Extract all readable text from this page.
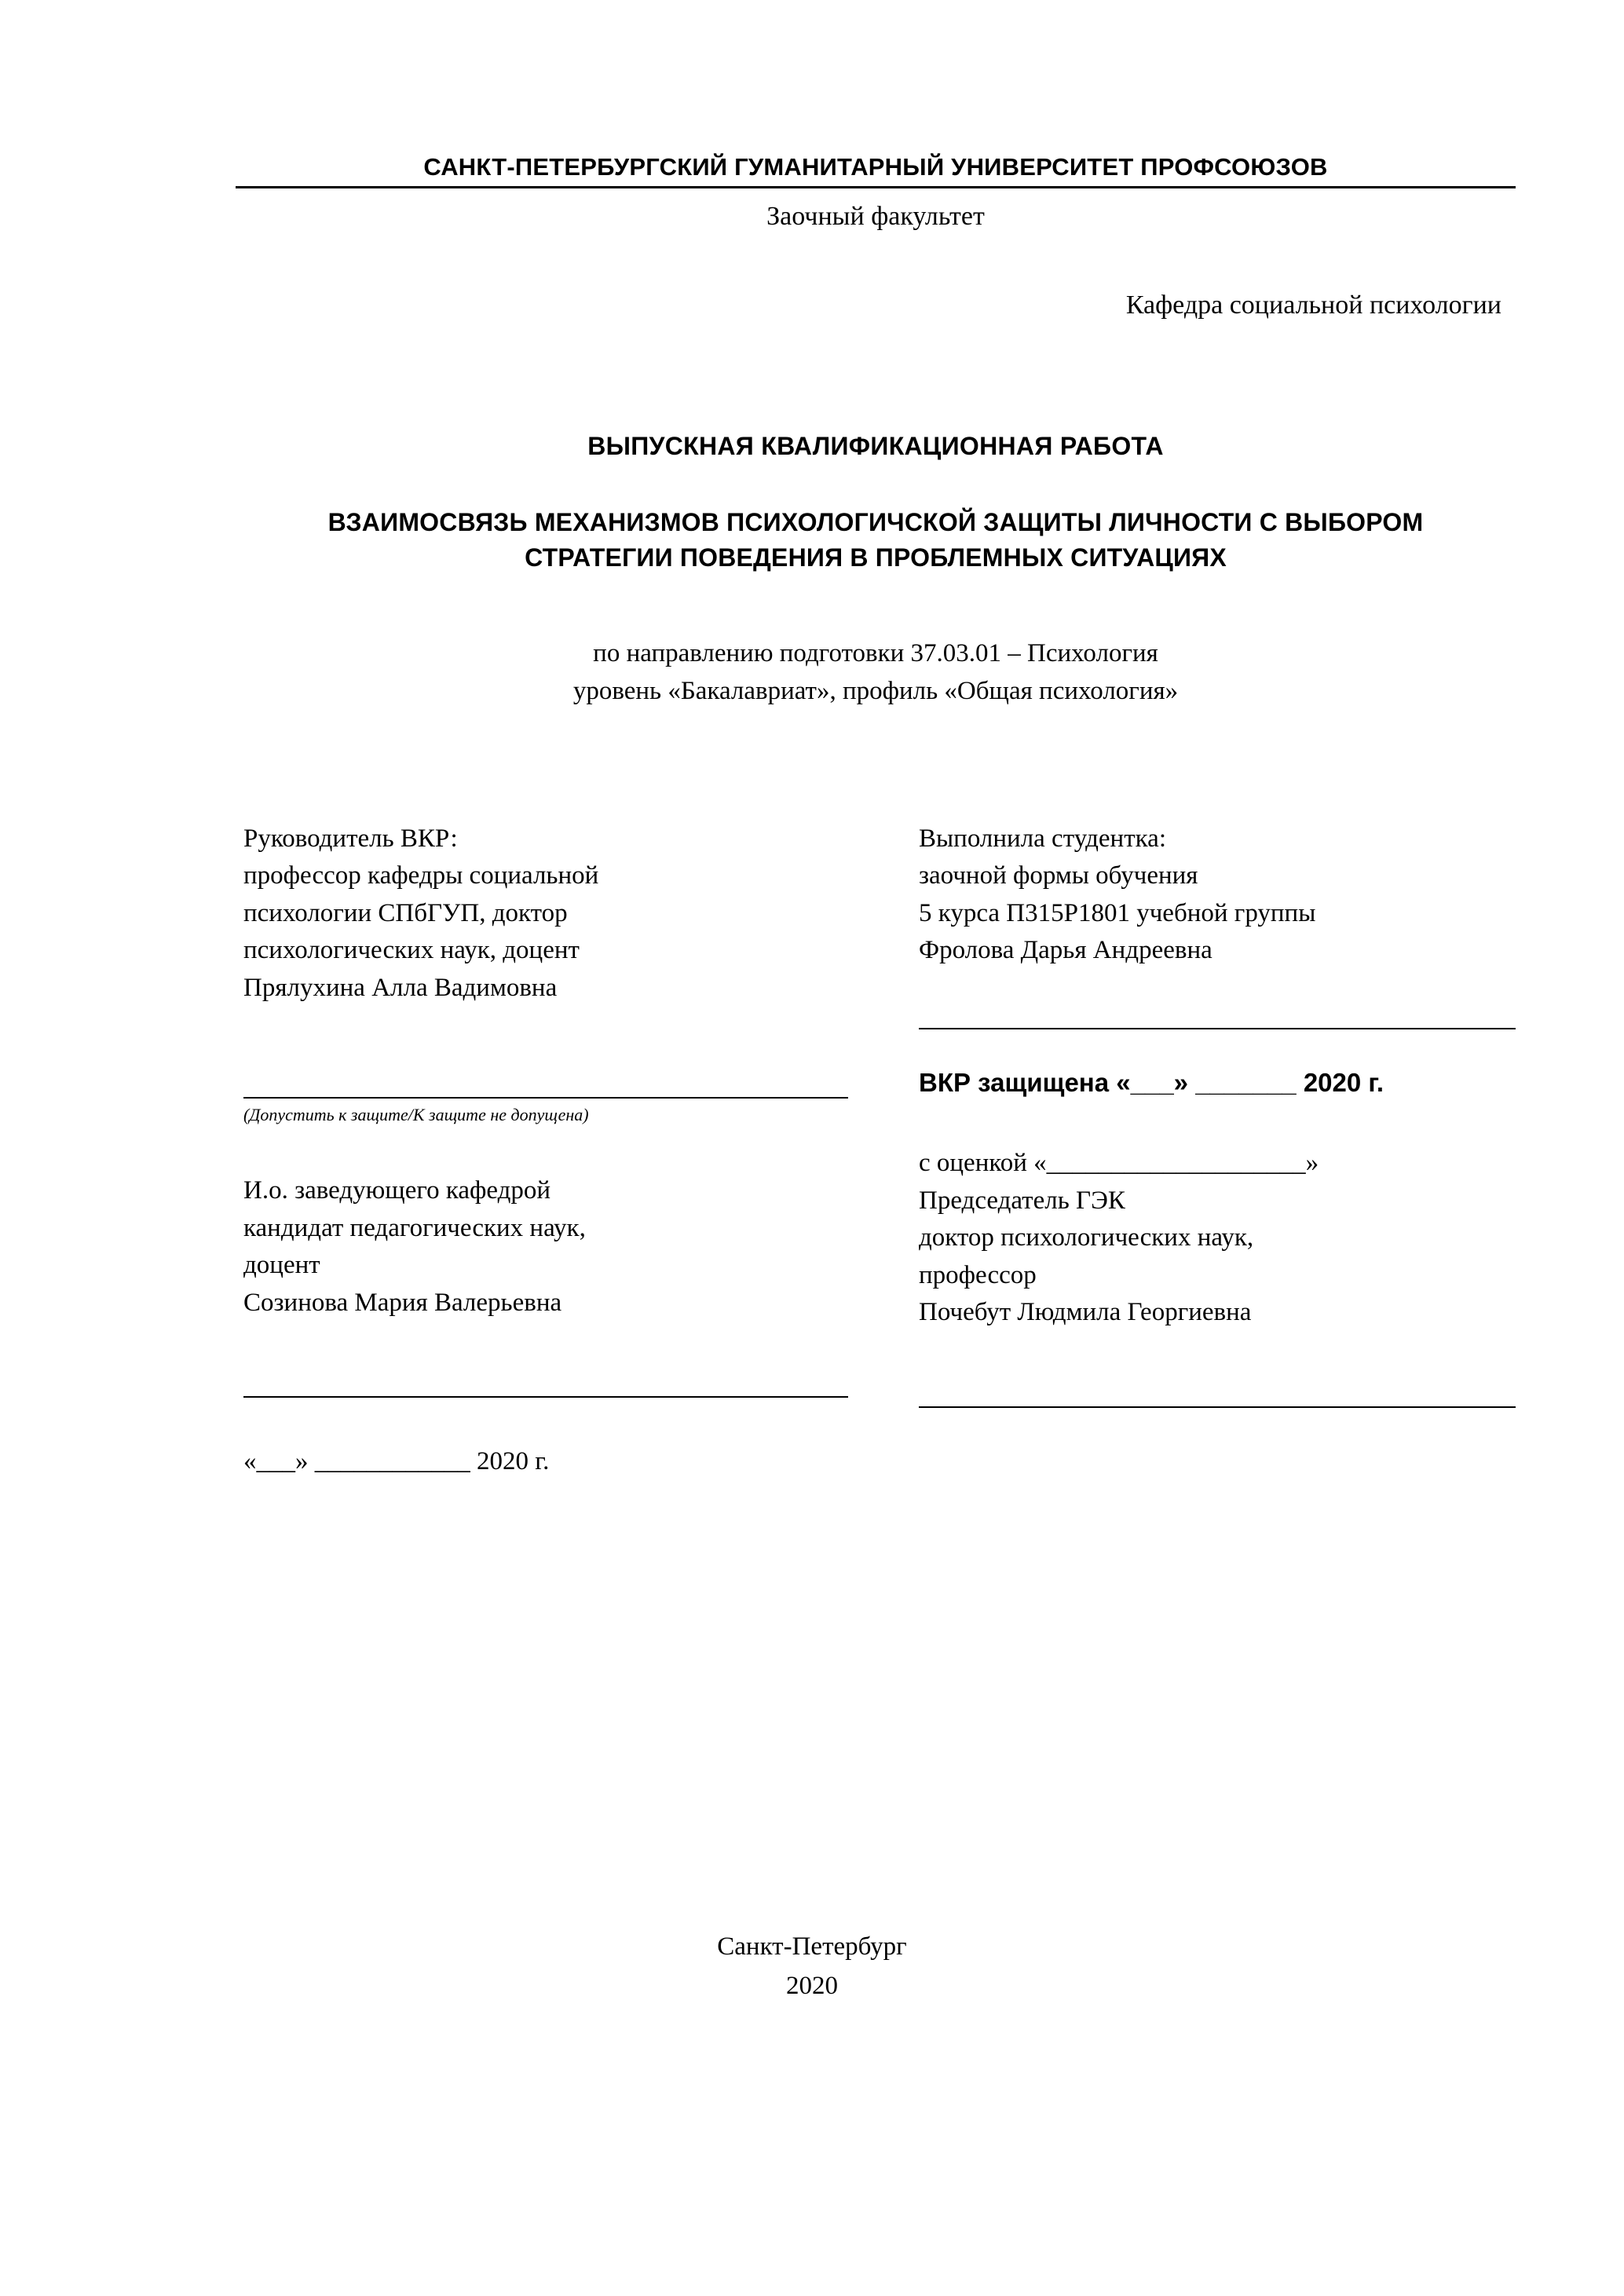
САНКТ-ПЕТЕРБУРГСКИЙ ГУМАНИТАРНЫЙ УНИВЕРСИТЕТ ПРОФСОЮЗОВ
Заочный факультет
Кафедра социальной психологии
ВЫПУСКНАЯ КВАЛИФИКАЦИОННАЯ РАБОТА
ВЗАИМОСВЯЗЬ МЕХАНИЗМОВ ПСИХОЛОГИЧСКОЙ ЗАЩИТЫ ЛИЧНОСТИ С ВЫБОРОМ СТРАТЕГИИ ПОВЕДЕНИЯ В ПРОБЛЕМНЫХ СИТУАЦИЯХ
по направлению подготовки 37.03.01 – Психология
уровень «Бакалавриат», профиль «Общая психология»
Руководитель ВКР:
профессор кафедры социальной
психологии СПбГУП, доктор
психологических наук, доцент
Прялухина Алла Вадимовна
(Допустить к защите/К защите не допущена)
И.о. заведующего кафедрой
кандидат педагогических наук,
доцент
Созинова Мария Валерьевна
«___» ____________ 2020 г.
Выполнила студентка:
заочной формы обучения
5 курса П315Р1801 учебной группы
Фролова Дарья Андреевна
ВКР защищена «___» _______ 2020 г.
с оценкой «____________________»
Председатель ГЭК
доктор психологических наук,
профессор
Почебут Людмила Георгиевна
Санкт-Петербург
2020
